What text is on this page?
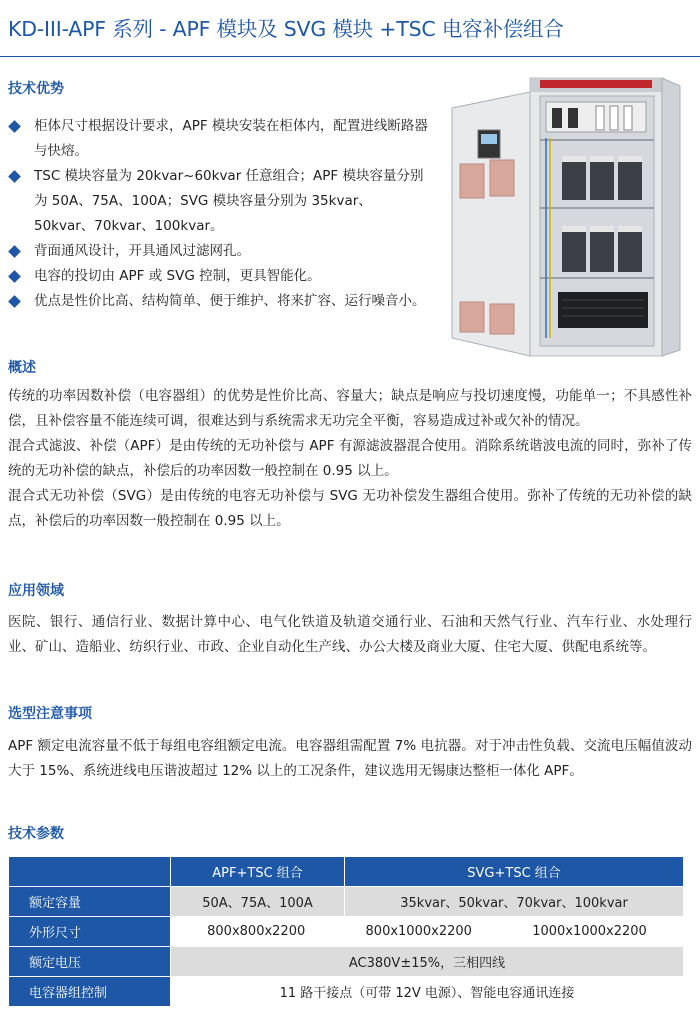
KD-III-APF 系列 - APF 模块及 SVG 模块 +TSC 电容补偿组合
技术优势
柜体尺寸根据设计要求，APF 模块安装在柜体内，配置进线断路器与快熔。
TSC 模块容量为 20kvar~60kvar 任意组合；APF 模块容量分别为 50A、75A、100A；SVG 模块容量分别为 35kvar、50kvar、70kvar、100kvar。
背面通风设计，开具通风过滤网孔。
电容的投切由 APF 或 SVG 控制，更具智能化。
优点是性价比高、结构简单、便于维护、将来扩容、运行噪音小。
概述

传统的功率因数补偿（电容器组）的优势是性价比高、容量大；缺点是响应与投切速度慢，功能单一；不具感性补偿，且补偿容量不能连续可调，很难达到与系统需求无功完全平衡，容易造成过补或欠补的情况。

混合式滤波、补偿（APF）是由传统的无功补偿与 APF 有源滤波器混合使用。消除系统谐波电流的同时，弥补了传统的无功补偿的缺点，补偿后的功率因数一般控制在 0.95 以上。

混合式无功补偿（SVG）是由传统的电容无功补偿与 SVG 无功补偿发生器组合使用。弥补了传统的无功补偿的缺点，补偿后的功率因数一般控制在 0.95 以上。

应用领域
医院、银行、通信行业、数据计算中心、电气化铁道及轨道交通行业、石油和天然气行业、汽车行业、水处理行业、矿山、造船业、纺织行业、市政、企业自动化生产线、办公大楼及商业大厦、住宅大厦、供配电系统等。
选型注意事项
APF 额定电流容量不低于每组电容组额定电流。电容器组需配置 7% 电抗器。对于冲击性负载、交流电压幅值波动大于 15%、系统进线电压谐波超过 12% 以上的工况条件，建议选用无锡康达整柜一体化 APF。
技术参数
	APF+TSC 组合	SVG+TSC 组合
额定容量	50A、75A、100A	35kvar、50kvar、70kvar、100kvar
外形尺寸	800x800x2200 800x1000x2200 1000x1000x2200	

额定电压	AC380V±15%，三相四线	
电容器组控制	11 路干接点（可带 12V 电源）、智能电容通讯连接	
